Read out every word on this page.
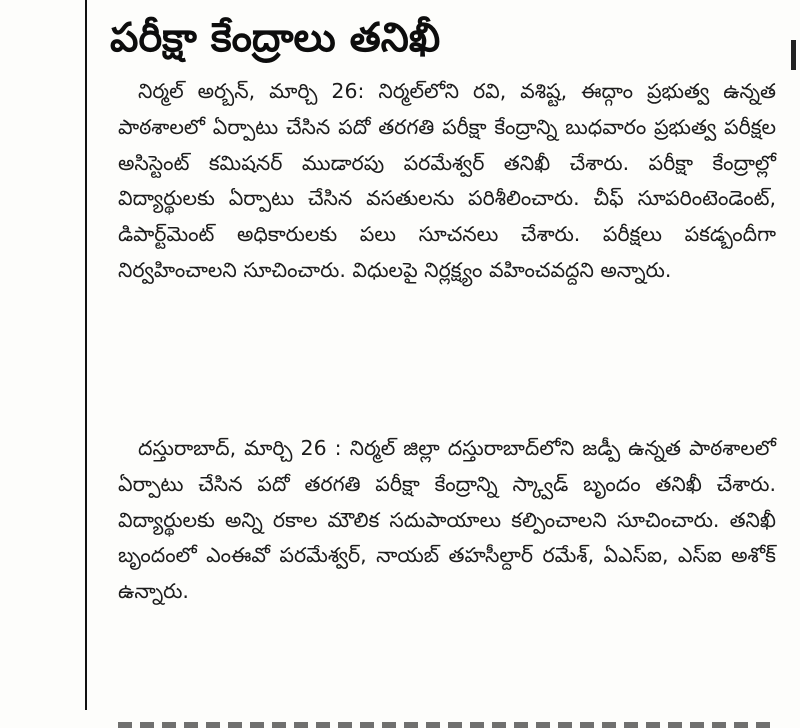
పరీక్షా కేంద్రాలు తనిఖీ

నిర్మల్ అర్బన్, మార్చి 26: నిర్మల్‌లోని రవి, వశిష్ట, ఈద్గాం ప్రభుత్వ ఉన్నత పాఠశాలలో ఏర్పాటు చేసిన పదో తరగతి పరీక్షా కేంద్రాన్ని బుధవారం ప్రభుత్వ పరీక్షల అసిస్టెంట్ కమిషనర్ ముడారపు పరమేశ్వర్ తనిఖీ చేశారు. పరీక్షా కేంద్రాల్లో విద్యార్థులకు ఏర్పాటు చేసిన వసతులను పరిశీలించారు. చీఫ్ సూపరింటెండెంట్, డిపార్ట్‌మెంట్ అధికారులకు పలు సూచనలు చేశారు. పరీక్షలు పకడ్బందీగా నిర్వహించాలని సూచించారు. విధులపై నిర్లక్ష్యం వహించవద్దని అన్నారు.

దస్తురాబాద్, మార్చి 26 : నిర్మల్ జిల్లా దస్తురాబాద్‌లోని జడ్పీ ఉన్నత పాఠశాలలో ఏర్పాటు చేసిన పదో తరగతి పరీక్షా కేంద్రాన్ని స్క్వాడ్ బృందం తనిఖీ చేశారు. విద్యార్థులకు అన్ని రకాల మౌలిక సదుపాయాలు కల్పించాలని సూచించారు. తనిఖీ బృందంలో ఎంఈవో పరమేశ్వర్, నాయబ్ తహసీల్దార్ రమేశ్, ఏఎస్ఐ, ఎస్ఐ అశోక్ ఉన్నారు.
